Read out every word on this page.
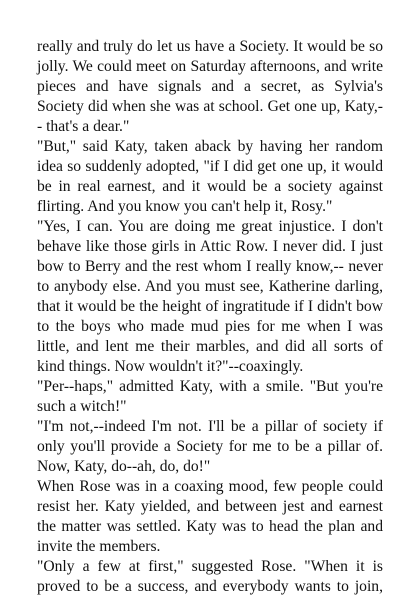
really and truly do let us have a Society. It would be so jolly. We could meet on Saturday afternoons, and write pieces and have signals and a secret, as Sylvia's Society did when she was at school. Get one up, Katy,-- that's a dear."

"But," said Katy, taken aback by having her random idea so suddenly adopted, "if I did get one up, it would be in real earnest, and it would be a society against flirting. And you know you can't help it, Rosy."

"Yes, I can. You are doing me great injustice. I don't behave like those girls in Attic Row. I never did. I just bow to Berry and the rest whom I really know,-- never to anybody else. And you must see, Katherine darling, that it would be the height of ingratitude if I didn't bow to the boys who made mud pies for me when I was little, and lent me their marbles, and did all sorts of kind things. Now wouldn't it?"--coaxingly.

"Per--haps," admitted Katy, with a smile. "But you're such a witch!"

"I'm not,--indeed I'm not. I'll be a pillar of society if only you'll provide a Society for me to be a pillar of. Now, Katy, do--ah, do, do!"

When Rose was in a coaxing mood, few people could resist her. Katy yielded, and between jest and earnest the matter was settled. Katy was to head the plan and invite the members.

"Only a few at first," suggested Rose. "When it is proved to be a success, and everybody wants to join,
